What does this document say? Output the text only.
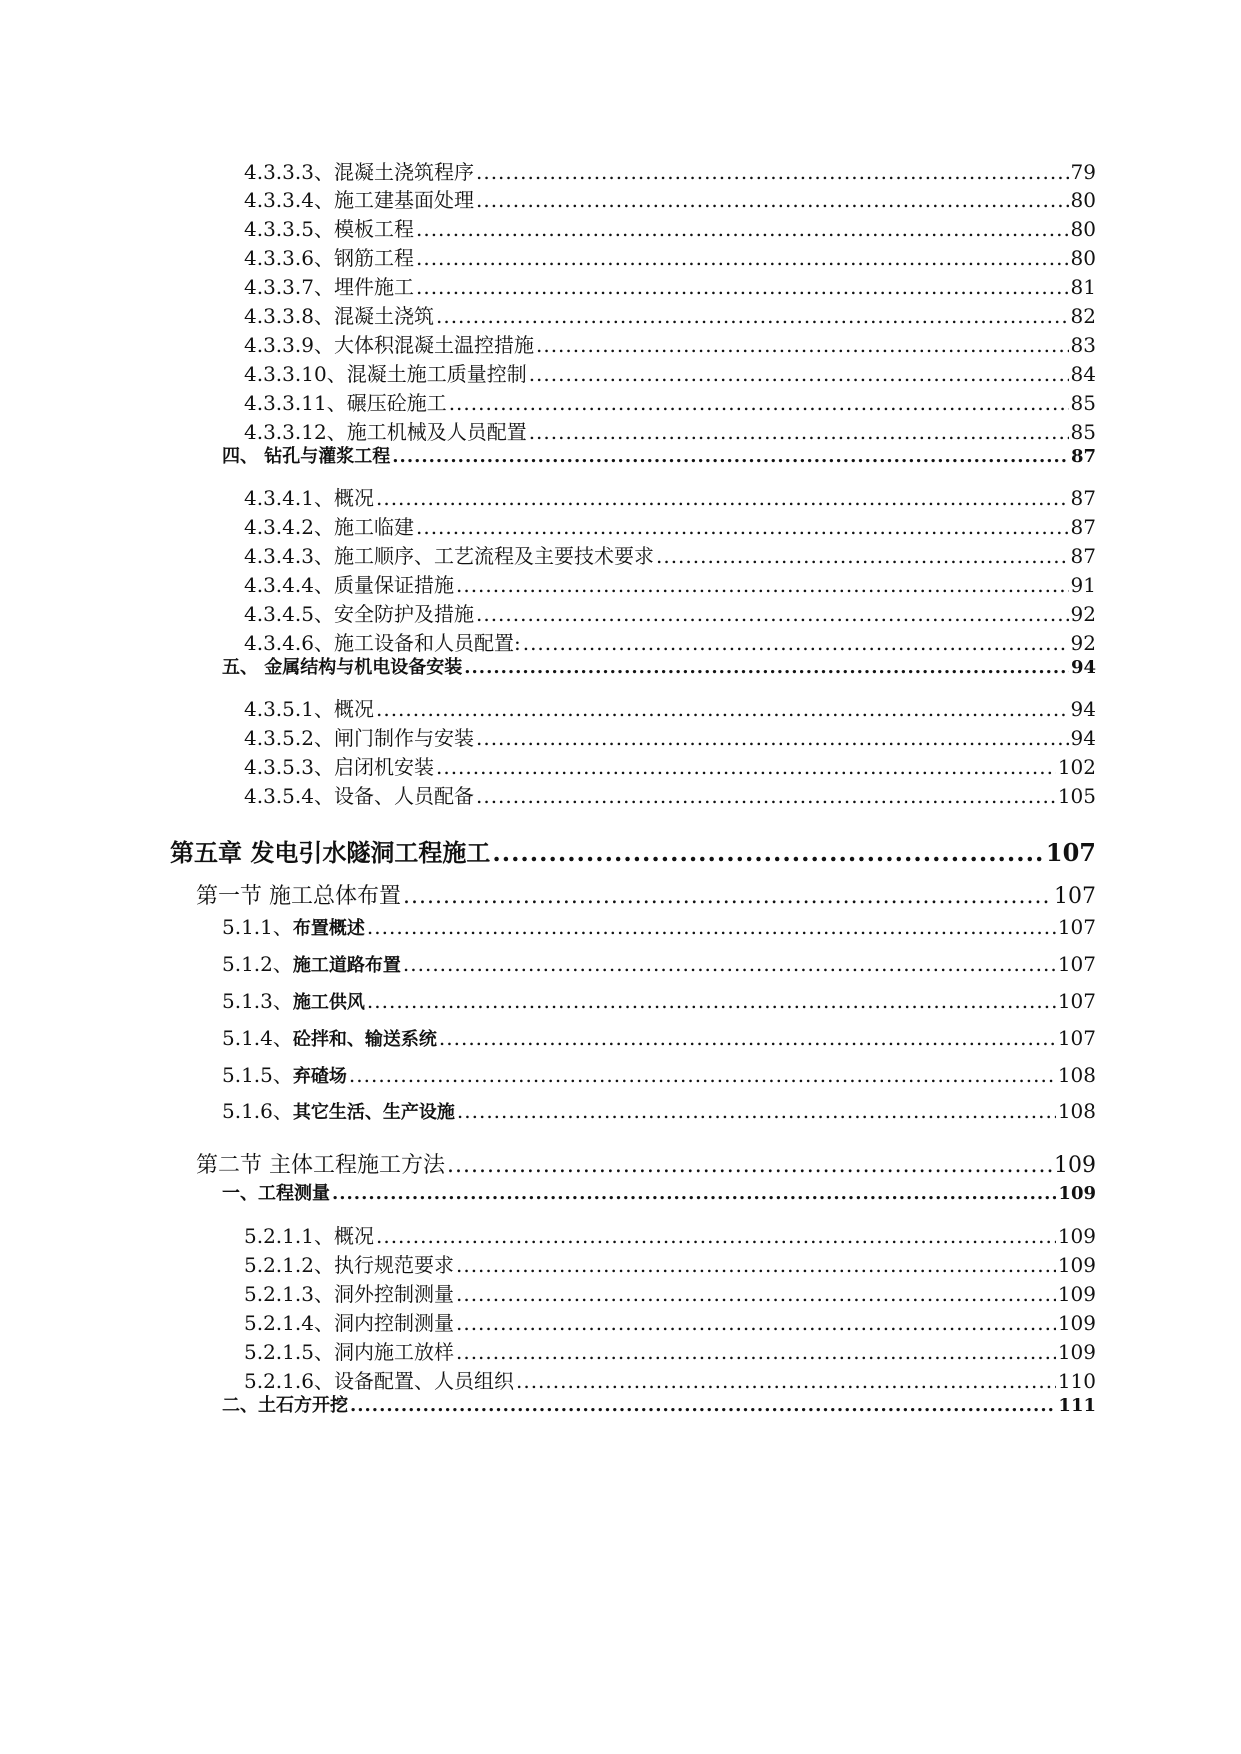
4.3.3.3、混凝土浇筑程序 .....	79
4.3.3.4、施工建基面处理 .....	80
4.3.3.5、模板工程 .....	80
4.3.3.6、钢筋工程 .....	80
4.3.3.7、埋件施工 .....	81
4.3.3.8、混凝土浇筑 .....	82
4.3.3.9、大体积混凝土温控措施 .....	83
4.3.3.10、混凝土施工质量控制 .....	84
4.3.3.11、碾压砼施工 .....	85
4.3.3.12、施工机械及人员配置 .....	85
四、 钻孔与灌浆工程 .....	87
4.3.4.1、概况 .....	87
4.3.4.2、施工临建 .....	87
4.3.4.3、施工顺序、工艺流程及主要技术要求 .....	87
4.3.4.4、质量保证措施 .....	91
4.3.4.5、安全防护及措施 .....	92
4.3.4.6、施工设备和人员配置: .....	92
五、 金属结构与机电设备安装 .....	94
4.3.5.1、概况 .....	94
4.3.5.2、闸门制作与安装 .....	94
4.3.5.3、启闭机安装 .....	102
4.3.5.4、设备、人员配备 .....	105
第五章 发电引水隧洞工程施工 .....	107
第一节 施工总体布置 .....	107
5.1.1、布置概述 .....	107
5.1.2、施工道路布置 .....	107
5.1.3、施工供风 .....	107
5.1.4、砼拌和、输送系统 .....	107
5.1.5、弃碴场 .....	108
5.1.6、其它生活、生产设施 .....	108
第二节 主体工程施工方法 .....	109
一、工程测量 .....	109
5.2.1.1、概况 .....	109
5.2.1.2、执行规范要求 .....	109
5.2.1.3、洞外控制测量 .....	109
5.2.1.4、洞内控制测量 .....	109
5.2.1.5、洞内施工放样 .....	109
5.2.1.6、设备配置、人员组织 .....	110
二、土石方开挖 .....	111
